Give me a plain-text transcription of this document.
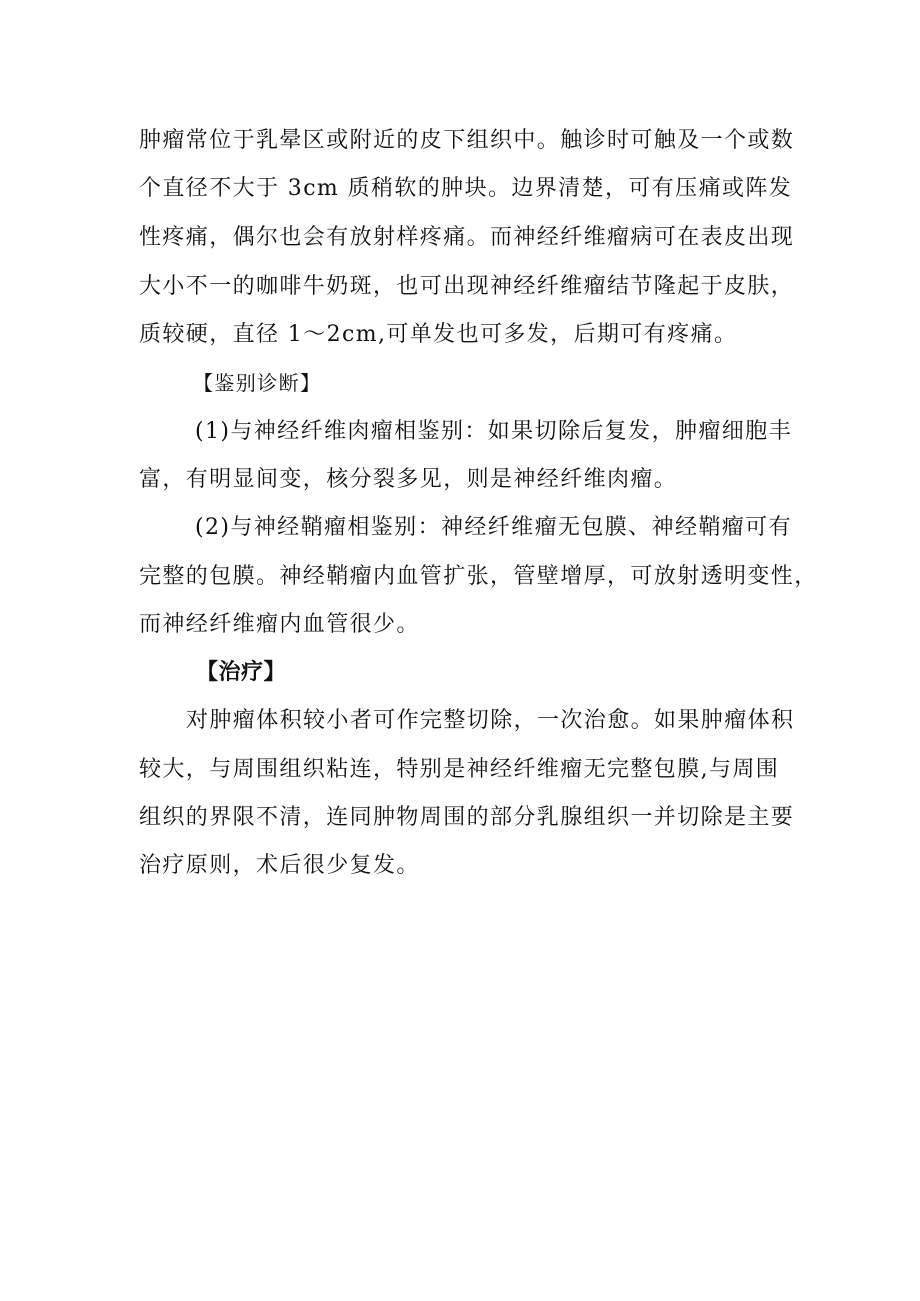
肿瘤常位于乳晕区或附近的皮下组织中。触诊时可触及一个或数
个直径不大于 3cm 质稍软的肿块。边界清楚，可有压痛或阵发
性疼痛，偶尔也会有放射样疼痛。而神经纤维瘤病可在表皮出现
大小不一的咖啡牛奶斑，也可出现神经纤维瘤结节隆起于皮肤，
质较硬，直径 1～2cm,可单发也可多发，后期可有疼痛。
【鉴别诊断】
(1)与神经纤维肉瘤相鉴别：如果切除后复发，肿瘤细胞丰
富，有明显间变，核分裂多见，则是神经纤维肉瘤。
(2)与神经鞘瘤相鉴别：神经纤维瘤无包膜、神经鞘瘤可有
完整的包膜。神经鞘瘤内血管扩张，管壁增厚，可放射透明变性，
而神经纤维瘤内血管很少。
【治疗】
对肿瘤体积较小者可作完整切除，一次治愈。如果肿瘤体积
较大，与周围组织粘连，特别是神经纤维瘤无完整包膜,与周围
组织的界限不清，连同肿物周围的部分乳腺组织一并切除是主要
治疗原则，术后很少复发。
